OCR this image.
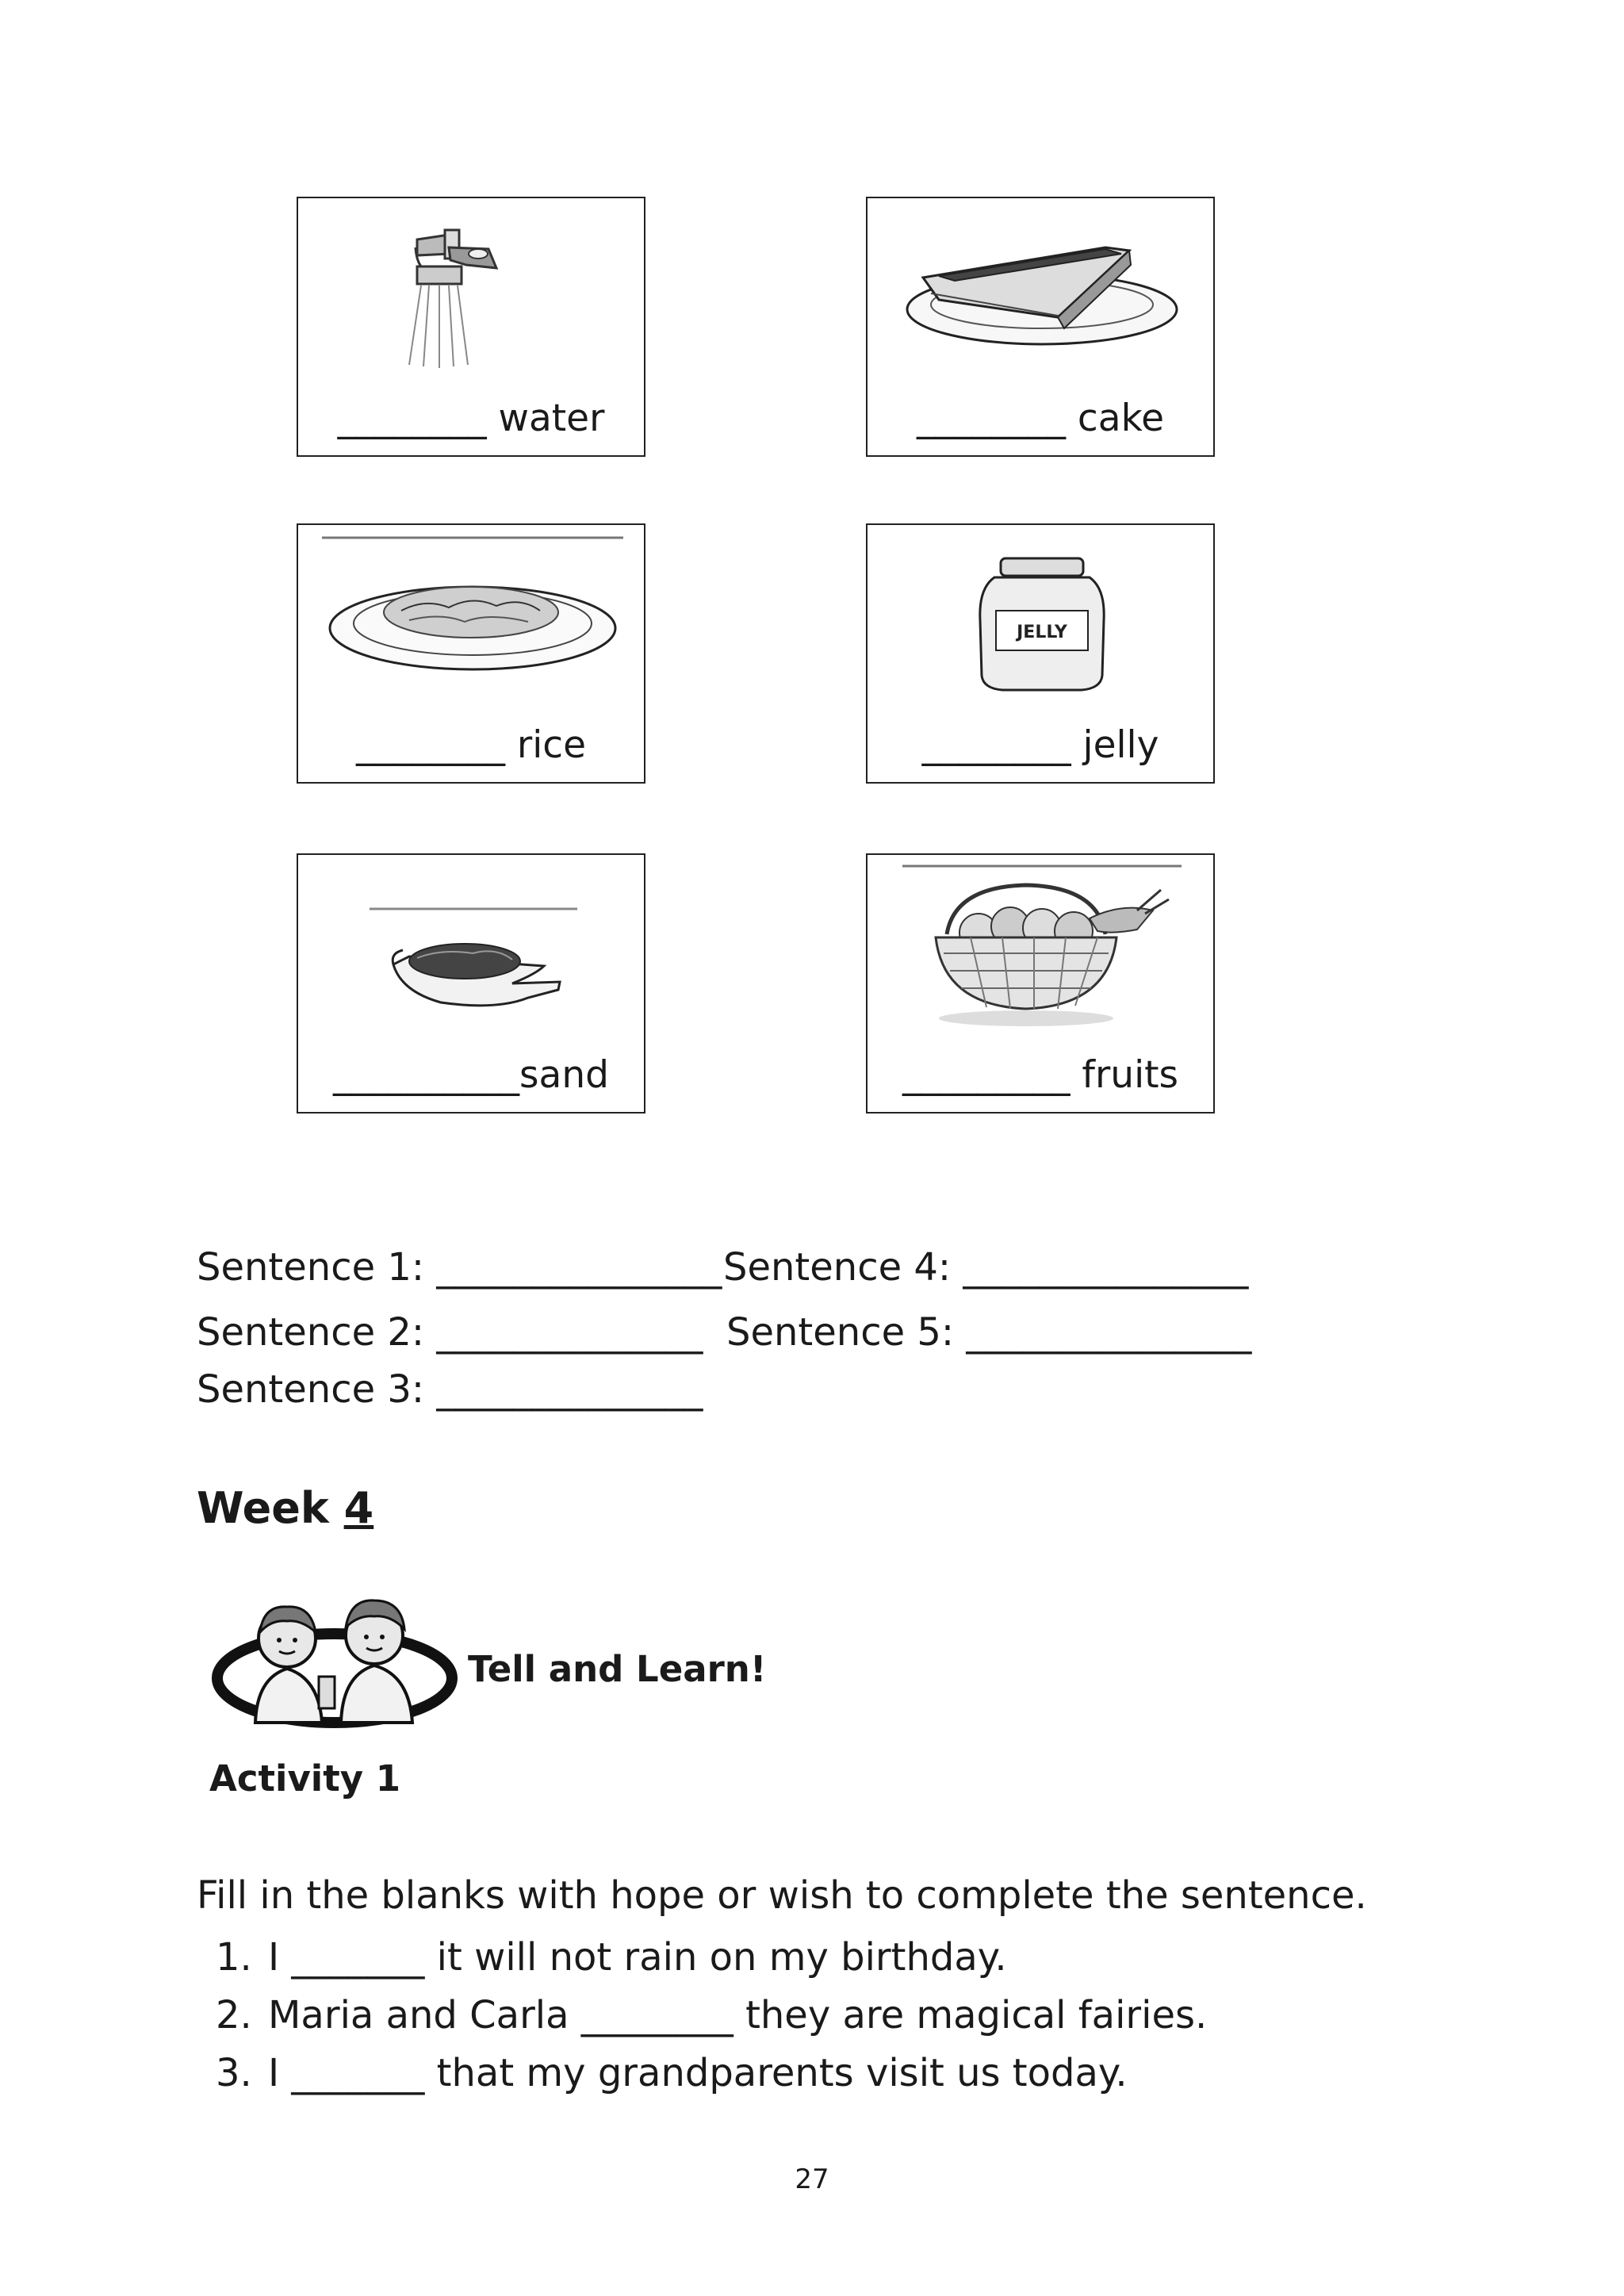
________ water	________ cake
________ rice
JELLY
________ jelly
__________sand	_________ fruits
Sentence 1: _______________ Sentence 4: _______________
Sentence 2: ______________ Sentence 5: _______________
Sentence 3: ______________
Week 4
Tell and Learn!
Activity 1
Fill in the blanks with hope or wish to complete the sentence.
1. I _______ it will not rain on my birthday.
2. Maria and Carla ________ they are magical fairies.
3. I _______ that my grandparents visit us today.
27
